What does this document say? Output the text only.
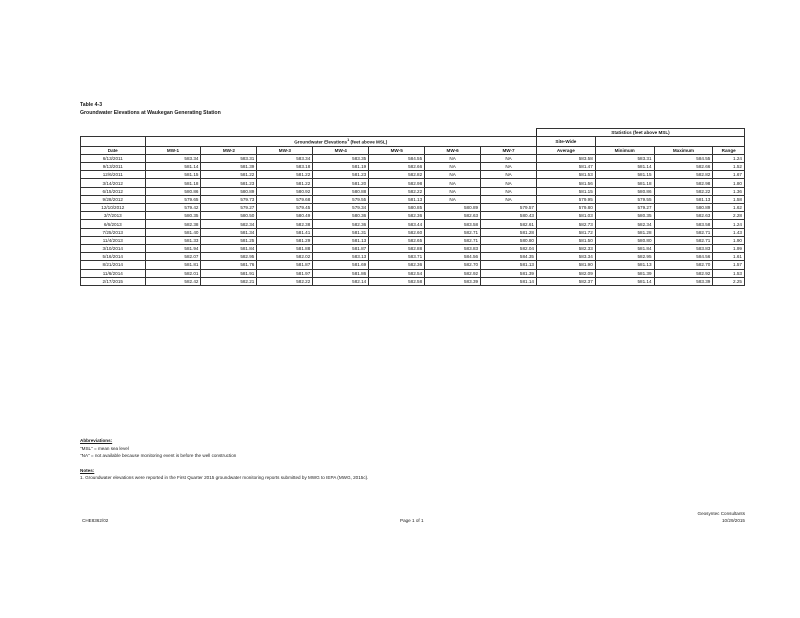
Table 4-3
Groundwater Elevations at Waukegan Generating Station
								Statistics (feet above MSL)			
	Groundwater Elevations$^1$ (feet above MSL)							Site-Wide			
Date	MW-1	MW-2	MW-3	MW-4	MW-5	MW-6	MW-7	Average	Minimum	Maximum	Range
6/13/2011	583.34	583.31	583.34	583.35	584.55	NA	NA	583.58	583.31	584.55	1.24
9/13/2011	581.14	581.39	583.18	581.19	582.66	NA	NA	581.47	581.14	582.66	1.52
12/6/2011	581.15	581.22	581.22	581.23	582.82	NA	NA	581.53	581.15	582.82	1.67
3/14/2012	581.18	581.23	581.22	581.20	582.98	NA	NA	581.56	581.18	582.98	1.80
6/15/2012	580.86	580.89	580.92	580.88	582.22	NA	NA	581.15	580.86	582.22	1.36
9/28/2012	579.65	579.73	579.68	579.55	581.13	NA	NA	579.95	579.55	581.13	1.58
12/10/2012	579.42	579.27	579.45	579.34	580.85	580.89	579.57	579.80	579.27	580.89	1.62
3/7/2013	580.35	580.50	580.49	580.36	582.36	582.63	580.43	581.03	580.35	582.63	2.28
6/6/2013	582.38	582.34	582.38	582.36	583.44	583.58	582.61	582.73	582.34	583.58	1.24
7/25/2013	581.40	581.34	581.41	581.31	582.60	582.71	581.28	581.72	581.28	582.71	1.43
11/4/2013	581.33	581.25	581.29	581.13	582.65	582.71	580.80	581.50	580.80	582.71	1.90
3/10/2014	581.94	581.84	581.88	581.87	582.88	583.83	582.04	582.33	581.84	583.83	1.99
5/16/2014	582.07	582.95	582.02	583.13	583.71	584.56	584.35	583.34	582.95	584.56	1.61
8/21/2014	581.81	581.76	581.87	581.69	582.36	582.70	581.13	581.90	581.13	582.70	1.57
11/6/2014	582.01	581.91	581.97	581.86	582.54	582.92	581.39	582.09	581.39	582.92	1.53
2/17/2015	582.42	582.21	582.22	582.14	582.58	583.39	581.14	582.37	581.14	583.39	2.25
Abbreviations:
"MSL" = mean sea level
"NA" = not available because monitoring event is before the well construction
Notes:
1. Groundwater elevations were reported in the First Quarter 2015 groundwater monitoring reports submitted by MWG to IEPA (MWG, 2015c).
CHE8362/02	Page 1 of 1
Geosyntec Consultants
10/29/2015
